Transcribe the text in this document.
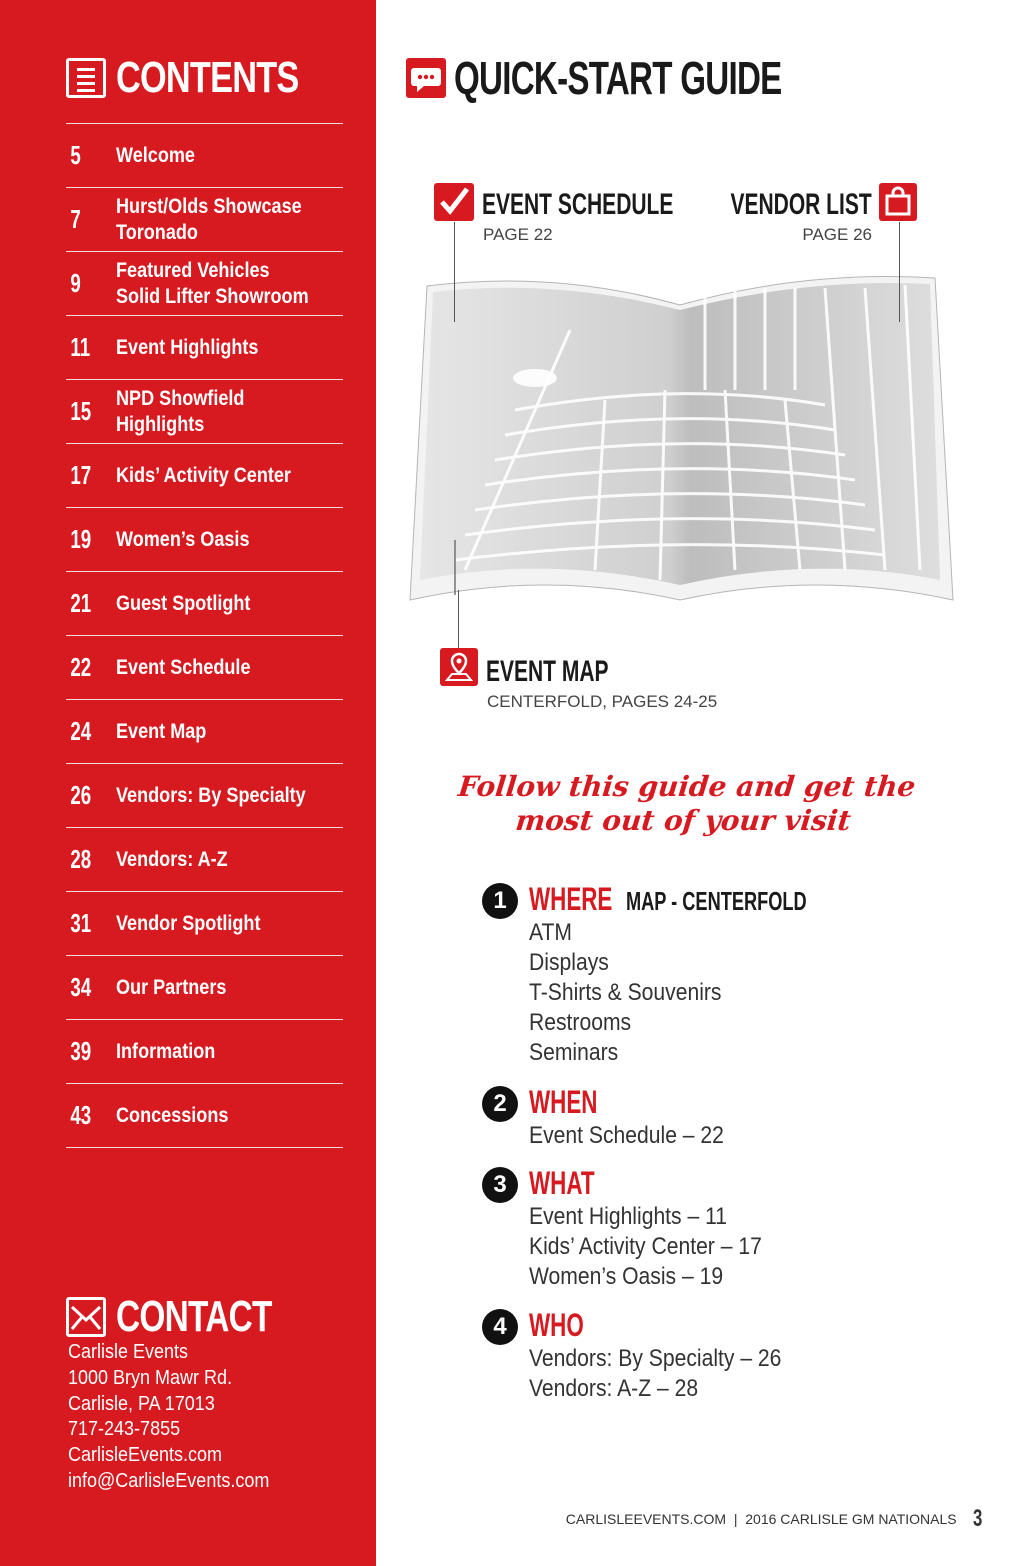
CONTENTS
5	Welcome
7	Hurst/Olds Showcase
Toronado
9	Featured Vehicles
Solid Lifter Showroom
11	Event Highlights
15	NPD Showfield
Highlights
17	Kids’ Activity Center
19	Women’s Oasis
21	Guest Spotlight
22	Event Schedule
24	Event Map
26	Vendors: By Specialty
28	Vendors: A-Z
31	Vendor Spotlight
34	Our Partners
39	Information
43	Concessions
CONTACT
Carlisle Events
1000 Bryn Mawr Rd.
Carlisle, PA 17013
717-243-7855
CarlisleEvents.com
info@CarlisleEvents.com
QUICK-START GUIDE
EVENT SCHEDULE
PAGE 22
VENDOR LIST
PAGE 26
EVENT MAP
CENTERFOLD, PAGES 24-25
Follow this guide and get the
most out of your visit
1 WHERE MAP - CENTERFOLD
ATM
Displays
T-Shirts & Souvenirs
Restrooms
Seminars
2 WHEN
Event Schedule – 22
3 WHAT
Event Highlights – 11
Kids’ Activity Center – 17
Women’s Oasis – 19
4 WHO
Vendors: By Specialty – 26
Vendors: A-Z – 28
CARLISLEEVENTS.COM  |  2016 CARLISLE GM NATIONALS 3
